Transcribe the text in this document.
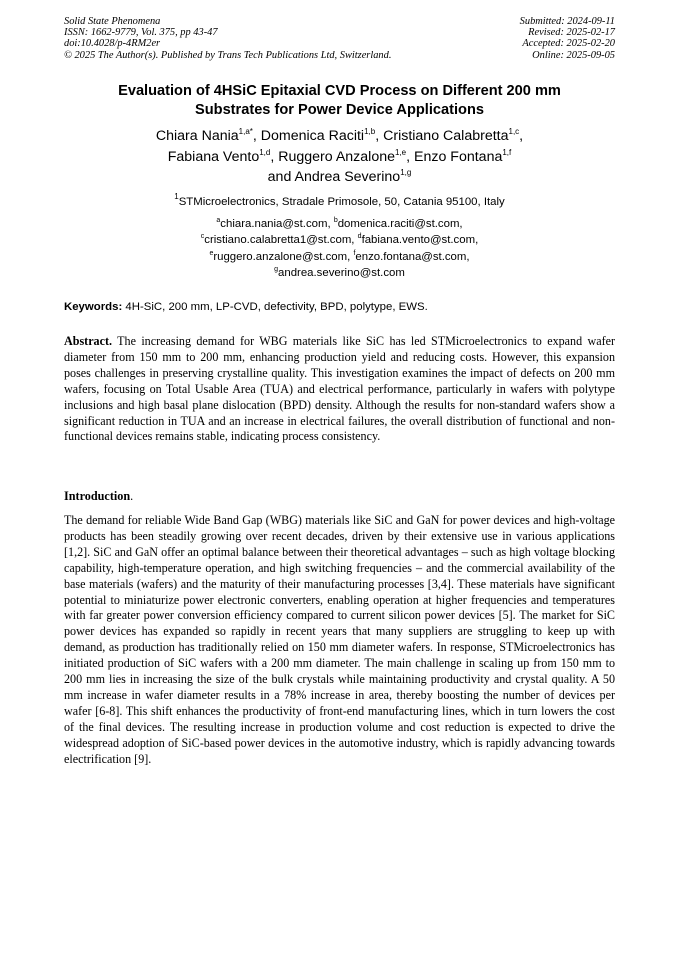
Solid State Phenomena
ISSN: 1662-9779, Vol. 375, pp 43-47
doi:10.4028/p-4RM2er
© 2025 The Author(s). Published by Trans Tech Publications Ltd, Switzerland.
Submitted: 2024-09-11
Revised: 2025-02-17
Accepted: 2025-02-20
Online: 2025-09-05
Evaluation of 4HSiC Epitaxial CVD Process on Different 200 mm
Substrates for Power Device Applications
Chiara Nania$^{1,a*}$, Domenica Raciti$^{1,b}$, Cristiano Calabretta$^{1,c}$,
Fabiana Vento$^{1,d}$, Ruggero Anzalone$^{1,e}$, Enzo Fontana$^{1,f}$
and Andrea Severino$^{1,g}$
$^1$STMicroelectronics, Stradale Primosole, 50, Catania 95100, Italy
$^a$chiara.nania@st.com, $^b$domenica.raciti@st.com,
$^c$cristiano.calabretta1@st.com, $^d$fabiana.vento@st.com,
$^e$ruggero.anzalone@st.com, $^f$enzo.fontana@st.com,
$^g$andrea.severino@st.com
Keywords: 4H-SiC, 200 mm, LP-CVD, defectivity, BPD, polytype, EWS.
Abstract. The increasing demand for WBG materials like SiC has led STMicroelectronics to expand wafer diameter from 150 mm to 200 mm, enhancing production yield and reducing costs. However, this expansion poses challenges in preserving crystalline quality. This investigation examines the impact of defects on 200 mm wafers, focusing on Total Usable Area (TUA) and electrical performance, particularly in wafers with polytype inclusions and high basal plane dislocation (BPD) density. Although the results for non-standard wafers show a significant reduction in TUA and an increase in electrical failures, the overall distribution of functional and non-functional devices remains stable, indicating process consistency.
Introduction.
The demand for reliable Wide Band Gap (WBG) materials like SiC and GaN for power devices and high-voltage products has been steadily growing over recent decades, driven by their extensive use in various applications [1,2]. SiC and GaN offer an optimal balance between their theoretical advantages – such as high voltage blocking capability, high-temperature operation, and high switching frequencies – and the commercial availability of the base materials (wafers) and the maturity of their manufacturing processes [3,4]. These materials have significant potential to miniaturize power electronic converters, enabling operation at higher frequencies and temperatures with far greater power conversion efficiency compared to current silicon power devices [5]. The market for SiC power devices has expanded so rapidly in recent years that many suppliers are struggling to keep up with demand, as production has traditionally relied on 150 mm diameter wafers. In response, STMicroelectronics has initiated production of SiC wafers with a 200 mm diameter. The main challenge in scaling up from 150 mm to 200 mm lies in increasing the size of the bulk crystals while maintaining productivity and crystal quality. A 50 mm increase in wafer diameter results in a 78% increase in area, thereby boosting the number of devices per wafer [6-8]. This shift enhances the productivity of front-end manufacturing lines, which in turn lowers the cost of the final devices. The resulting increase in production volume and cost reduction is expected to drive the widespread adoption of SiC-based power devices in the automotive industry, which is rapidly advancing towards electrification [9].
